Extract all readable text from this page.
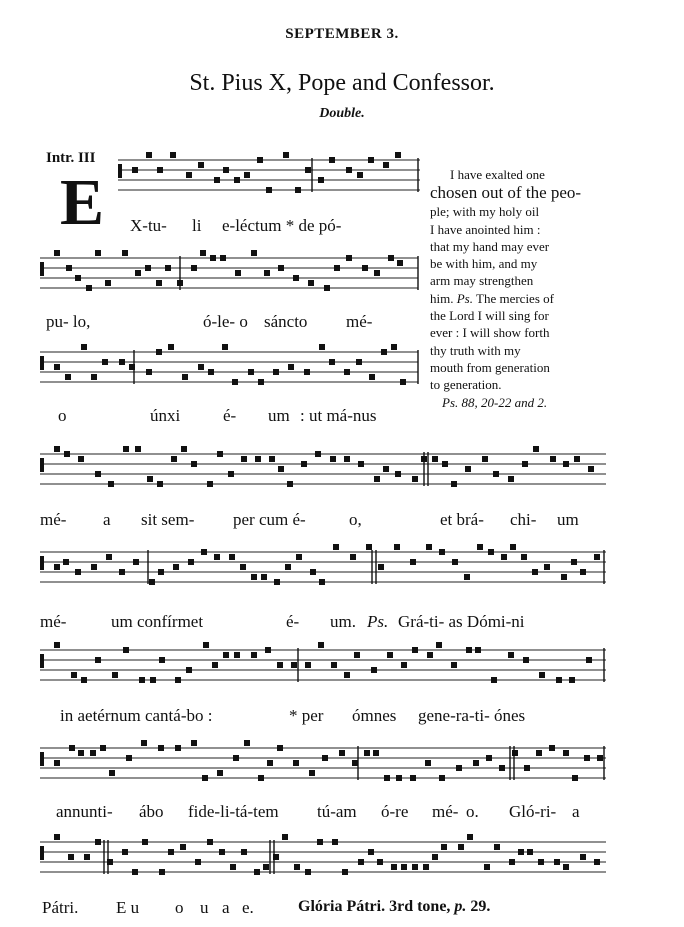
SEPTEMBER 3.
St. Pius X, Pope and Confessor.
Double.
Intr. III
E	I have exalted one
chosen out of the peo-
ple; with my holy oil
I have anointed him :
that my hand may ever
be with him, and my
arm may strengthen
him. Ps. The mercies of
the Lord I will sing for
ever : I will show forth
thy truth with my
mouth from generation
to generation.
Ps. 88, 20-22 and 2.
X-tu- li e-léctum * de pó-
pu- lo,	ó-le- o sáncto mé-
o	únxi	é- um : ut má-nus
mé- a sit sem- per cum é-	o,	et brá- chi- um
mé-	um confírmet	é- um. Ps. Grá-ti- as Dómi-ni
in aetérnum cantá-bo :	* per ómnes gene-ra-ti- ónes
annunti- ábo fide-li-tá-tem tú-am ó-re mé- o. Gló-ri- a
Pátri. E u o u a e.	Glória Pátri. 3rd tone, p. 29.
